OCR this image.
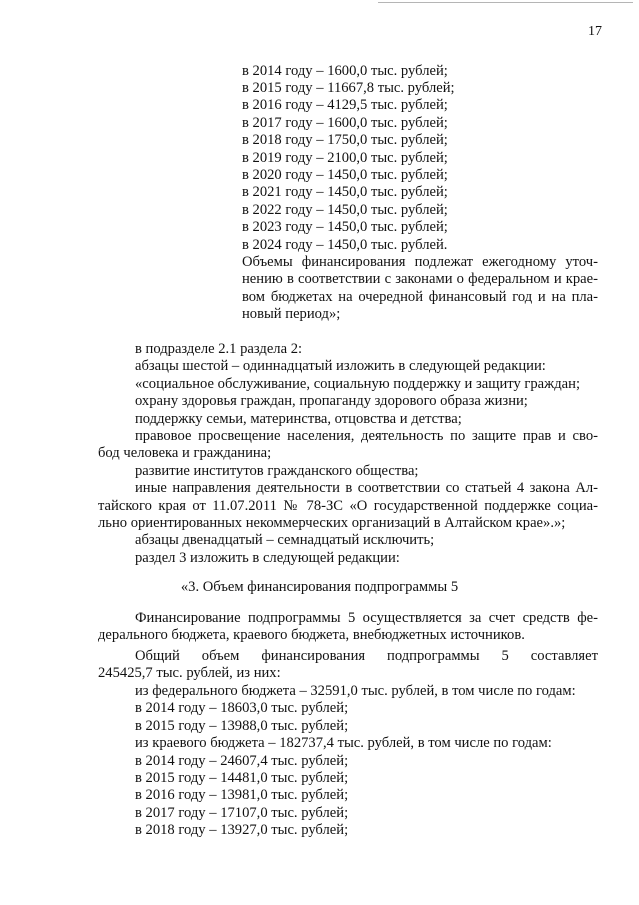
17
в 2014 году – 1600,0 тыс. рублей;
в 2015 году – 11667,8 тыс. рублей;
в 2016 году – 4129,5 тыс. рублей;
в 2017 году – 1600,0 тыс. рублей;
в 2018 году – 1750,0 тыс. рублей;
в 2019 году – 2100,0 тыс. рублей;
в 2020 году – 1450,0 тыс. рублей;
в 2021 году – 1450,0 тыс. рублей;
в 2022 году – 1450,0 тыс. рублей;
в 2023 году – 1450,0 тыс. рублей;
в 2024 году – 1450,0 тыс. рублей.
Объемы финансирования подлежат ежегодному уточ-
нению в соответствии с законами о федеральном и крае-
вом бюджетах на очередной финансовый год и на пла-
новый период»;
в подразделе 2.1 раздела 2:
абзацы шестой – одиннадцатый изложить в следующей редакции:
«социальное обслуживание, социальную поддержку и защиту граждан;
охрану здоровья граждан, пропаганду здорового образа жизни;
поддержку семьи, материнства, отцовства и детства;
правовое просвещение населения, деятельность по защите прав и сво-
бод человека и гражданина;
развитие институтов гражданского общества;
иные направления деятельности в соответствии со статьей 4 закона Ал-
тайского края от 11.07.2011 № 78-ЗС «О государственной поддержке социа-
льно ориентированных некоммерческих организаций в Алтайском крае».»;
абзацы двенадцатый – семнадцатый исключить;
раздел 3 изложить в следующей редакции:
«3. Объем финансирования подпрограммы 5
Финансирование подпрограммы 5 осуществляется за счет средств фе-
дерального бюджета, краевого бюджета, внебюджетных источников.
Общий объем финансирования подпрограммы 5 составляет
245425,7 тыс. рублей, из них:
из федерального бюджета – 32591,0 тыс. рублей, в том числе по годам:
в 2014 году – 18603,0 тыс. рублей;
в 2015 году – 13988,0 тыс. рублей;
из краевого бюджета – 182737,4 тыс. рублей, в том числе по годам:
в 2014 году – 24607,4 тыс. рублей;
в 2015 году – 14481,0 тыс. рублей;
в 2016 году – 13981,0 тыс. рублей;
в 2017 году – 17107,0 тыс. рублей;
в 2018 году – 13927,0 тыс. рублей;
